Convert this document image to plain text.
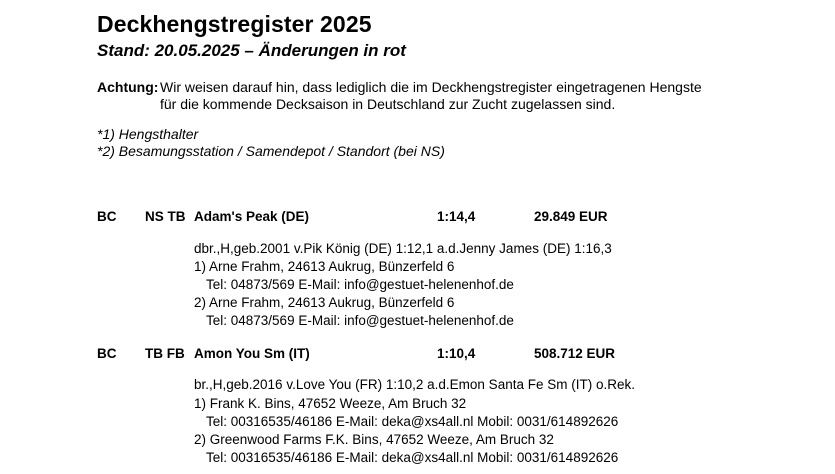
Deckhengstregister 2025
Stand: 20.05.2025 – Änderungen in rot
Achtung: Wir weisen darauf hin, dass lediglich die im Deckhengstregister eingetragenen Hengste
für die kommende Decksaison in Deutschland zur Zucht zugelassen sind.
*1) Hengsthalter
*2) Besamungsstation / Samendepot / Standort (bei NS)
BC NS TB Adam's Peak (DE)	1:14,4	29.849 EUR
dbr.,H,geb.2001 v.Pik König (DE) 1:12,1 a.d.Jenny James (DE) 1:16,3
1) Arne Frahm, 24613 Aukrug, Bünzerfeld 6
Tel: 04873/569 E-Mail: info@gestuet-helenenhof.de
2) Arne Frahm, 24613 Aukrug, Bünzerfeld 6
Tel: 04873/569 E-Mail: info@gestuet-helenenhof.de
BC TB FB Amon You Sm (IT)	1:10,4	508.712 EUR
br.,H,geb.2016 v.Love You (FR) 1:10,2 a.d.Emon Santa Fe Sm (IT) o.Rek.
1) Frank K. Bins, 47652 Weeze, Am Bruch 32
Tel: 00316535/46186 E-Mail: deka@xs4all.nl Mobil: 0031/614892626
2) Greenwood Farms F.K. Bins, 47652 Weeze, Am Bruch 32
Tel: 00316535/46186 E-Mail: deka@xs4all.nl Mobil: 0031/614892626
